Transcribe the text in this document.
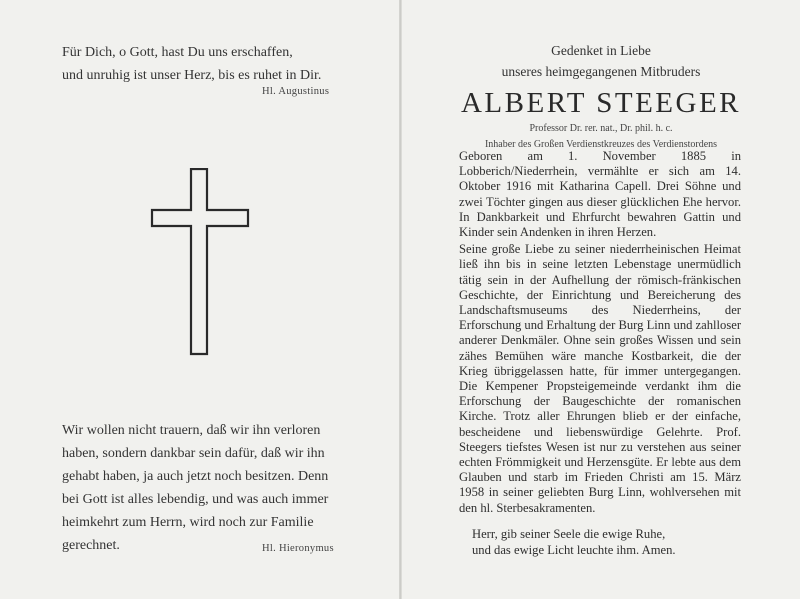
Für Dich, o Gott, hast Du uns erschaffen,

und unruhig ist unser Herz, bis es ruhet in Dir.

Hl. Augustinus

Wir wollen nicht trauern, daß wir ihn verloren

haben, sondern dankbar sein dafür, daß wir ihn

gehabt haben, ja auch jetzt noch besitzen. Denn

bei Gott ist alles lebendig, und was auch immer

heimkehrt zum Herrn, wird noch zur Familie

gerechnet.	Hl. Hieronymus

Gedenket in Liebe

unseres heimgegangenen Mitbruders

ALBERT STEEGER

Professor Dr. rer. nat., Dr. phil. h. c.

Inhaber des Großen Verdienstkreuzes des Verdienstordens

Geboren am 1. November 1885 in Lobberich/Niederrhein, vermählte er sich am 14. Oktober 1916 mit Katharina Capell. Drei Söhne und zwei Töchter gingen aus dieser glücklichen Ehe hervor. In Dankbarkeit und Ehrfurcht bewahren Gattin und Kinder sein Andenken in ihren Herzen.

Seine große Liebe zu seiner niederrheinischen Heimat ließ ihn bis in seine letzten Lebenstage unermüdlich tätig sein in der Aufhellung der römisch-fränkischen Geschichte, der Einrichtung und Bereicherung des Landschaftsmuseums des Niederrheins, der Erforschung und Erhaltung der Burg Linn und zahlloser anderer Denkmäler. Ohne sein großes Wissen und sein zähes Bemühen wäre manche Kostbarkeit, die der Krieg übriggelassen hatte, für immer untergegangen. Die Kempener Propsteigemeinde verdankt ihm die Erforschung der Baugeschichte der romanischen Kirche. Trotz aller Ehrungen blieb er der einfache, bescheidene und liebenswürdige Gelehrte. Prof. Steegers tiefstes Wesen ist nur zu verstehen aus seiner echten Frömmigkeit und Herzensgüte. Er lebte aus dem Glauben und starb im Frieden Christi am 15. März 1958 in seiner geliebten Burg Linn, wohlversehen mit den hl. Sterbesakramenten.

Herr, gib seiner Seele die ewige Ruhe,

und das ewige Licht leuchte ihm. Amen.
